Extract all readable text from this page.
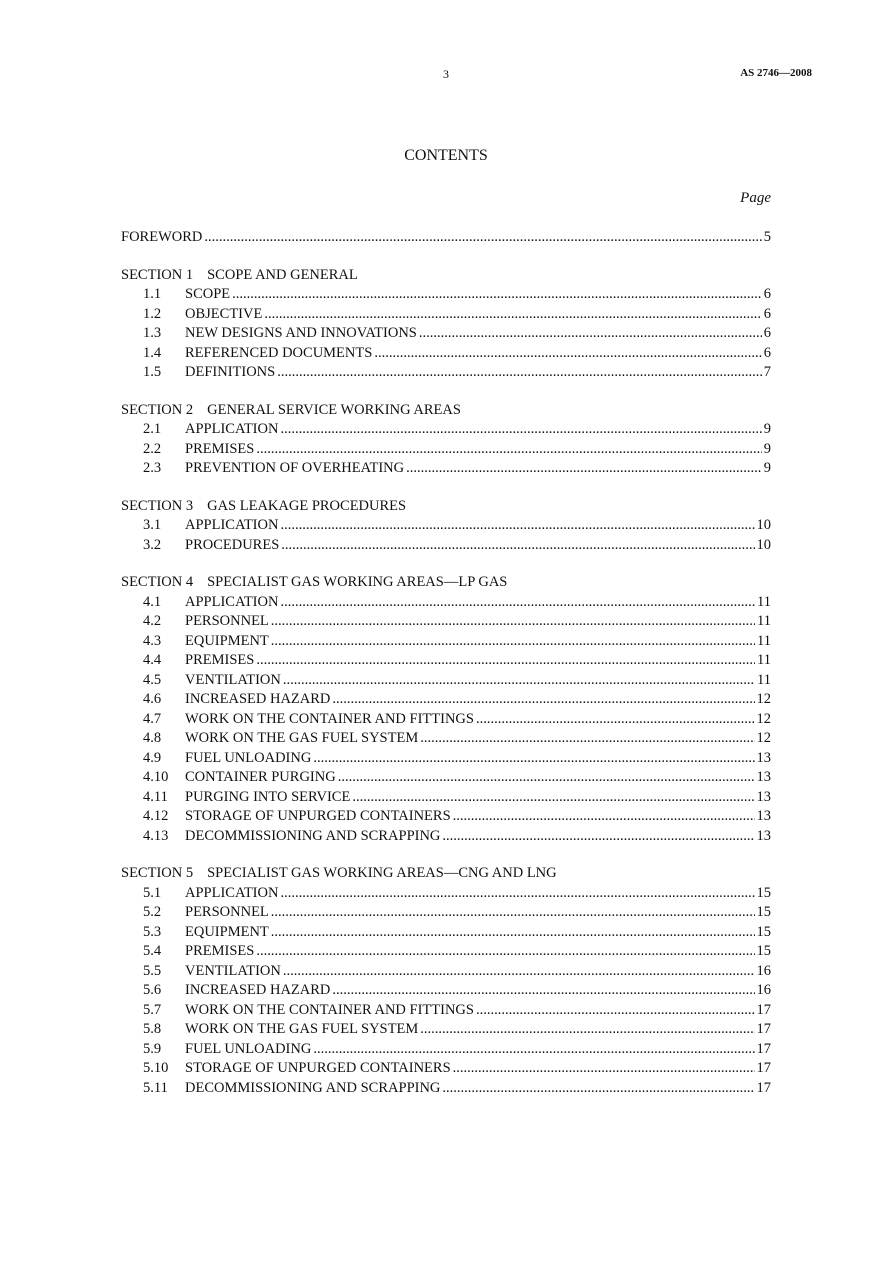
3	AS 2746—2008
CONTENTS
Page
FOREWORD .....	5
SECTION 1 SCOPE AND GENERAL
1.1	SCOPE .....	6
1.2	OBJECTIVE .....	6
1.3	NEW DESIGNS AND INNOVATIONS .....	6
1.4	REFERENCED DOCUMENTS .....	6
1.5	DEFINITIONS .....	7
SECTION 2 GENERAL SERVICE WORKING AREAS
2.1	APPLICATION .....	9
2.2	PREMISES .....	9
2.3	PREVENTION OF OVERHEATING .....	9
SECTION 3 GAS LEAKAGE PROCEDURES
3.1	APPLICATION .....	10
3.2	PROCEDURES .....	10
SECTION 4 SPECIALIST GAS WORKING AREAS—LP GAS
4.1	APPLICATION .....	11
4.2	PERSONNEL .....	11
4.3	EQUIPMENT .....	11
4.4	PREMISES .....	11
4.5	VENTILATION .....	11
4.6	INCREASED HAZARD .....	12
4.7	WORK ON THE CONTAINER AND FITTINGS .....	12
4.8	WORK ON THE GAS FUEL SYSTEM .....	12
4.9	FUEL UNLOADING .....	13
4.10	CONTAINER PURGING .....	13
4.11	PURGING INTO SERVICE .....	13
4.12	STORAGE OF UNPURGED CONTAINERS .....	13
4.13	DECOMMISSIONING AND SCRAPPING .....	13
SECTION 5 SPECIALIST GAS WORKING AREAS—CNG AND LNG
5.1	APPLICATION .....	15
5.2	PERSONNEL .....	15
5.3	EQUIPMENT .....	15
5.4	PREMISES .....	15
5.5	VENTILATION .....	16
5.6	INCREASED HAZARD .....	16
5.7	WORK ON THE CONTAINER AND FITTINGS .....	17
5.8	WORK ON THE GAS FUEL SYSTEM .....	17
5.9	FUEL UNLOADING .....	17
5.10	STORAGE OF UNPURGED CONTAINERS .....	17
5.11	DECOMMISSIONING AND SCRAPPING .....	17
